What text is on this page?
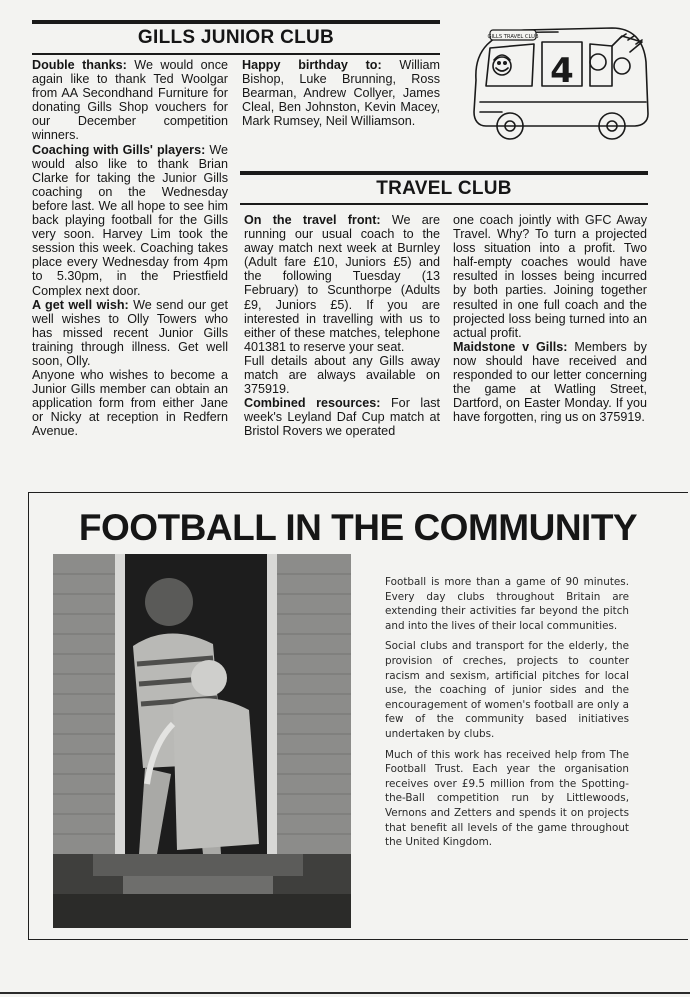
GILLS JUNIOR CLUB

Double thanks: We would once again like to thank Ted Woolgar from AA Secondhand Furniture for donating Gills Shop vouchers for our December competition winners.

Coaching with Gills' players: We would also like to thank Brian Clarke for taking the Junior Gills coaching on the Wednesday before last. We all hope to see him back playing football for the Gills very soon. Harvey Lim took the session this week. Coaching takes place every Wednesday from 4pm to 5.30pm, in the Priestfield Complex next door.

A get well wish: We send our get well wishes to Olly Towers who has missed recent Junior Gills training through illness. Get well soon, Olly.

Anyone who wishes to become a Junior Gills member can obtain an application form from either Jane or Nicky at reception in Redfern Avenue.

Happy birthday to: William Bishop, Luke Brunning, Ross Bearman, Andrew Collyer, James Cleal, Ben Johnston, Kevin Macey, Mark Rumsey, Neil Williamson.

GILLS TRAVEL CLUB
4
TRAVEL CLUB

On the travel front: We are running our usual coach to the away match next week at Burnley (Adult fare £10, Juniors £5) and the following Tuesday (13 February) to Scunthorpe (Adults £9, Juniors £5). If you are interested in travelling with us to either of these matches, telephone 401381 to reserve your seat.

Full details about any Gills away match are always available on 375919.

Combined resources: For last week's Leyland Daf Cup match at Bristol Rovers we operated

one coach jointly with GFC Away Travel. Why? To turn a projected loss situation into a profit. Two half-empty coaches would have resulted in losses being incurred by both parties. Joining together resulted in one full coach and the projected loss being turned into an actual profit.

Maidstone v Gills: Members by now should have received and responded to our letter concerning the game at Watling Street, Dartford, on Easter Monday. If you have forgotten, ring us on 375919.

FOOTBALL IN THE COMMUNITY

Football is more than a game of 90 minutes. Every day clubs throughout Britain are extending their activities far beyond the pitch and into the lives of their local communities.

Social clubs and transport for the elderly, the provision of creches, projects to counter racism and sexism, artificial pitches for local use, the coaching of junior sides and the encouragement of women's football are only a few of the community based initiatives undertaken by clubs.

Much of this work has received help from The Football Trust. Each year the organisation receives over £9.5 million from the Spotting-the-Ball competition run by Littlewoods, Vernons and Zetters and spends it on projects that benefit all levels of the game throughout the United Kingdom.
